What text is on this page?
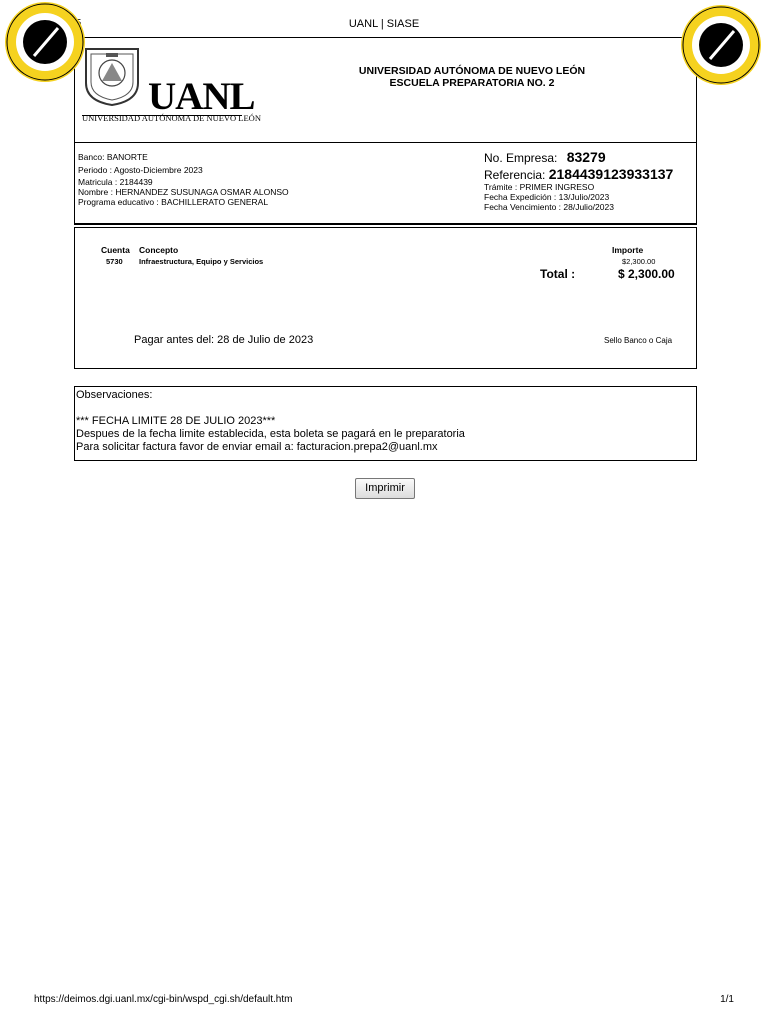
UANL | SIASE
https://deimos.dgi.uanl.mx/cgi-bin/wspd_cgi.sh/default.htm	1/1
UANL
UNIVERSIDAD AUTÓNOMA DE NUEVO LEÓN
UNIVERSIDAD AUTÓNOMA DE NUEVO LEÓN
ESCUELA PREPARATORIA NO. 2
Banco: BANORTE
Periodo : Agosto-Diciembre 2023
Matricula : 2184439
Nombre : HERNANDEZ SUSUNAGA OSMAR ALONSO
Programa educativo : BACHILLERATO GENERAL
No. Empresa: 83279
Referencia: 2184439123933137
Trámite : PRIMER INGRESO
Fecha Expedición : 13/Julio/2023
Fecha Vencimiento : 28/Julio/2023
Cuenta Concepto	Importe
5730 Infraestructura, Equipo y Servicios	$2,300.00
Total :	$ 2,300.00
Pagar antes del: 28 de Julio de 2023	Sello Banco o Caja
Observaciones:
*** FECHA LIMITE 28 DE JULIO 2023***
Despues de la fecha limite establecida, esta boleta se pagará en le preparatoria
Para solicitar factura favor de enviar email a: facturacion.prepa2@uanl.mx
Imprimir
